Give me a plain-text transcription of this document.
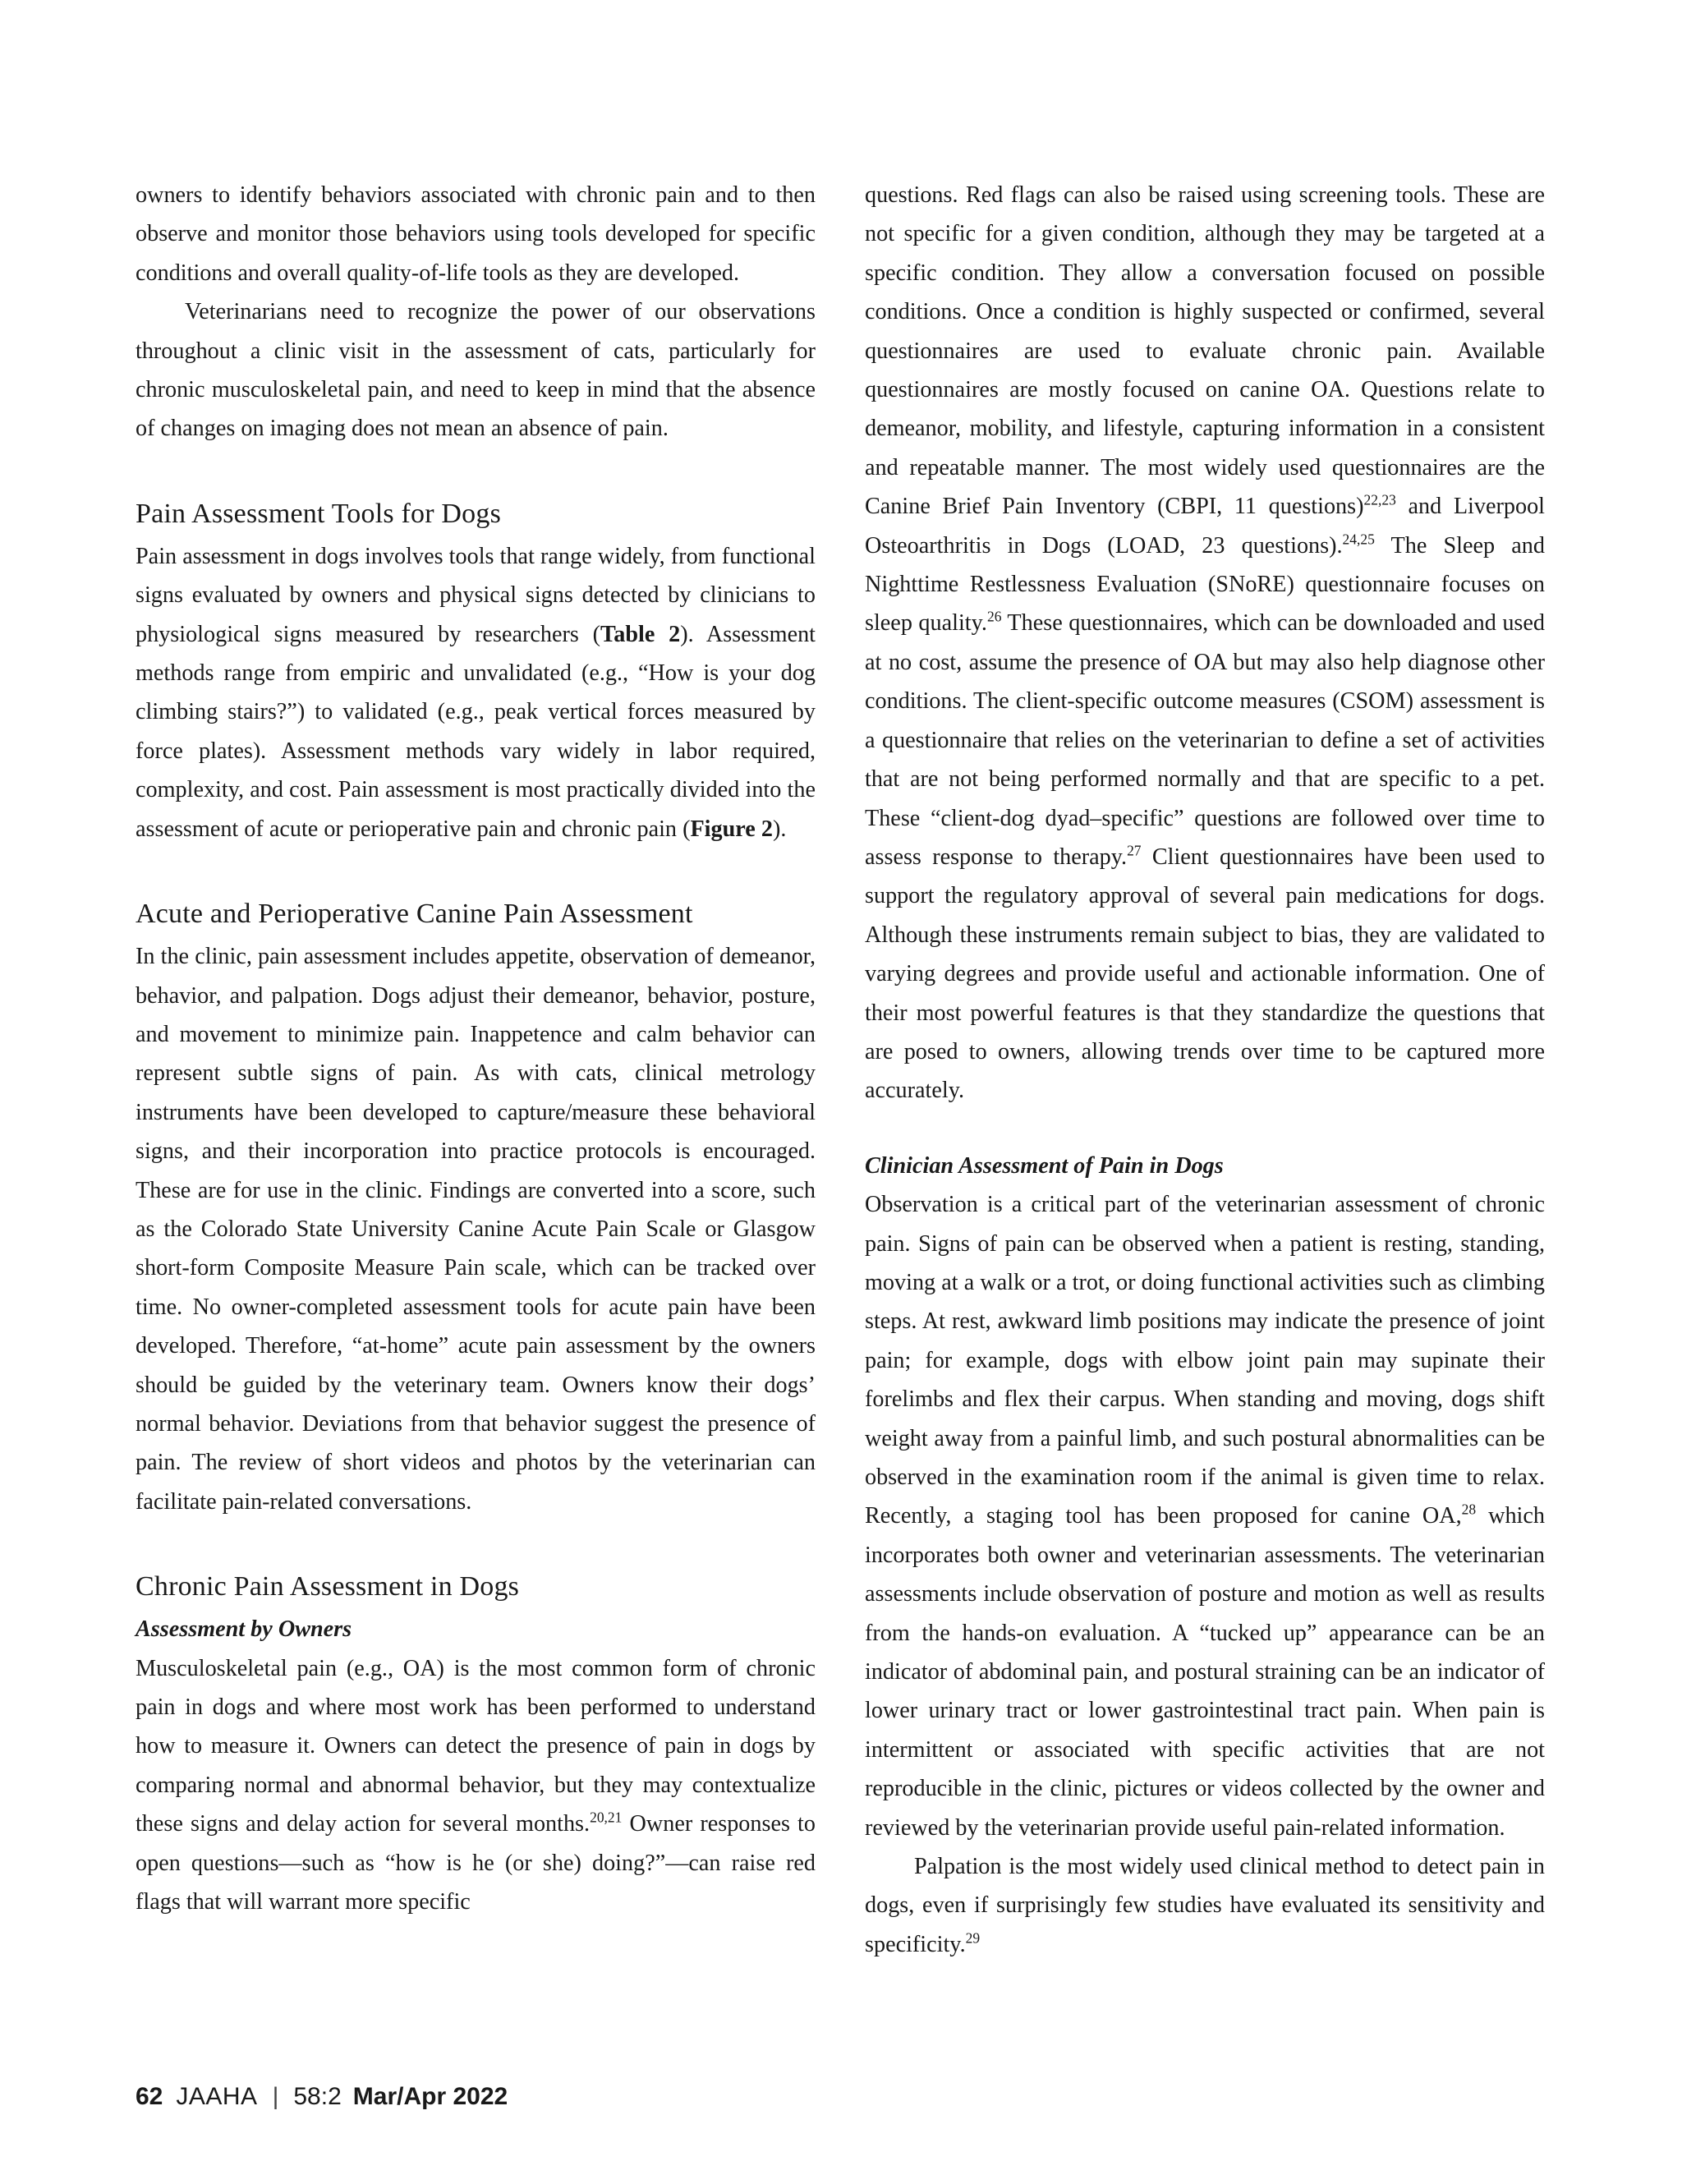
owners to identify behaviors associated with chronic pain and to then observe and monitor those behaviors using tools developed for specific conditions and overall quality-of-life tools as they are developed.

Veterinarians need to recognize the power of our observations throughout a clinic visit in the assessment of cats, particularly for chronic musculoskeletal pain, and need to keep in mind that the absence of changes on imaging does not mean an absence of pain.

Pain Assessment Tools for Dogs

Pain assessment in dogs involves tools that range widely, from functional signs evaluated by owners and physical signs detected by clinicians to physiological signs measured by researchers (Table 2). Assessment methods range from empiric and unvalidated (e.g., “How is your dog climbing stairs?”) to validated (e.g., peak vertical forces measured by force plates). Assessment methods vary widely in labor required, complexity, and cost. Pain assessment is most practically divided into the assessment of acute or perioperative pain and chronic pain (Figure 2).

Acute and Perioperative Canine Pain Assessment

In the clinic, pain assessment includes appetite, observation of demeanor, behavior, and palpation. Dogs adjust their demeanor, behavior, posture, and movement to minimize pain. Inappetence and calm behavior can represent subtle signs of pain. As with cats, clinical metrology instruments have been developed to capture/measure these behavioral signs, and their incorporation into practice protocols is encouraged. These are for use in the clinic. Findings are converted into a score, such as the Colorado State University Canine Acute Pain Scale or Glasgow short-form Composite Measure Pain scale, which can be tracked over time. No owner-completed assessment tools for acute pain have been developed. Therefore, “at-home” acute pain assessment by the owners should be guided by the veterinary team. Owners know their dogs’ normal behavior. Deviations from that behavior suggest the presence of pain. The review of short videos and photos by the veterinarian can facilitate pain-related conversations.

Chronic Pain Assessment in Dogs
Assessment by Owners

Musculoskeletal pain (e.g., OA) is the most common form of chronic pain in dogs and where most work has been performed to understand how to measure it. Owners can detect the presence of pain in dogs by comparing normal and abnormal behavior, but they may contextualize these signs and delay action for several months.$^{20,21}$ Owner responses to open questions—such as “how is he (or she) doing?”—can raise red flags that will warrant more specific

questions. Red flags can also be raised using screening tools. These are not specific for a given condition, although they may be targeted at a specific condition. They allow a conversation focused on possible conditions. Once a condition is highly suspected or confirmed, several questionnaires are used to evaluate chronic pain. Available questionnaires are mostly focused on canine OA. Questions relate to demeanor, mobility, and lifestyle, capturing information in a consistent and repeatable manner. The most widely used questionnaires are the Canine Brief Pain Inventory (CBPI, 11 questions)$^{22,23}$ and Liverpool Osteoarthritis in Dogs (LOAD, 23 questions).$^{24,25}$ The Sleep and Nighttime Restlessness Evaluation (SNoRE) questionnaire focuses on sleep quality.$^{26}$ These questionnaires, which can be downloaded and used at no cost, assume the presence of OA but may also help diagnose other conditions. The client-specific outcome measures (CSOM) assessment is a questionnaire that relies on the veterinarian to define a set of activities that are not being performed normally and that are specific to a pet. These “client-dog dyad–specific” questions are followed over time to assess response to therapy.$^{27}$ Client questionnaires have been used to support the regulatory approval of several pain medications for dogs. Although these instruments remain subject to bias, they are validated to varying degrees and provide useful and actionable information. One of their most powerful features is that they standardize the questions that are posed to owners, allowing trends over time to be captured more accurately.

Clinician Assessment of Pain in Dogs

Observation is a critical part of the veterinarian assessment of chronic pain. Signs of pain can be observed when a patient is resting, standing, moving at a walk or a trot, or doing functional activities such as climbing steps. At rest, awkward limb positions may indicate the presence of joint pain; for example, dogs with elbow joint pain may supinate their forelimbs and flex their carpus. When standing and moving, dogs shift weight away from a painful limb, and such postural abnormalities can be observed in the examination room if the animal is given time to relax. Recently, a staging tool has been proposed for canine OA,$^{28}$ which incorporates both owner and veterinarian assessments. The veterinarian assessments include observation of posture and motion as well as results from the hands-on evaluation. A “tucked up” appearance can be an indicator of abdominal pain, and postural straining can be an indicator of lower urinary tract or lower gastrointestinal tract pain. When pain is intermittent or associated with specific activities that are not reproducible in the clinic, pictures or videos collected by the owner and reviewed by the veterinarian provide useful pain-related information.

Palpation is the most widely used clinical method to detect pain in dogs, even if surprisingly few studies have evaluated its sensitivity and specificity.$^{29}$

62 JAAHA | 58:2 Mar/Apr 2022
